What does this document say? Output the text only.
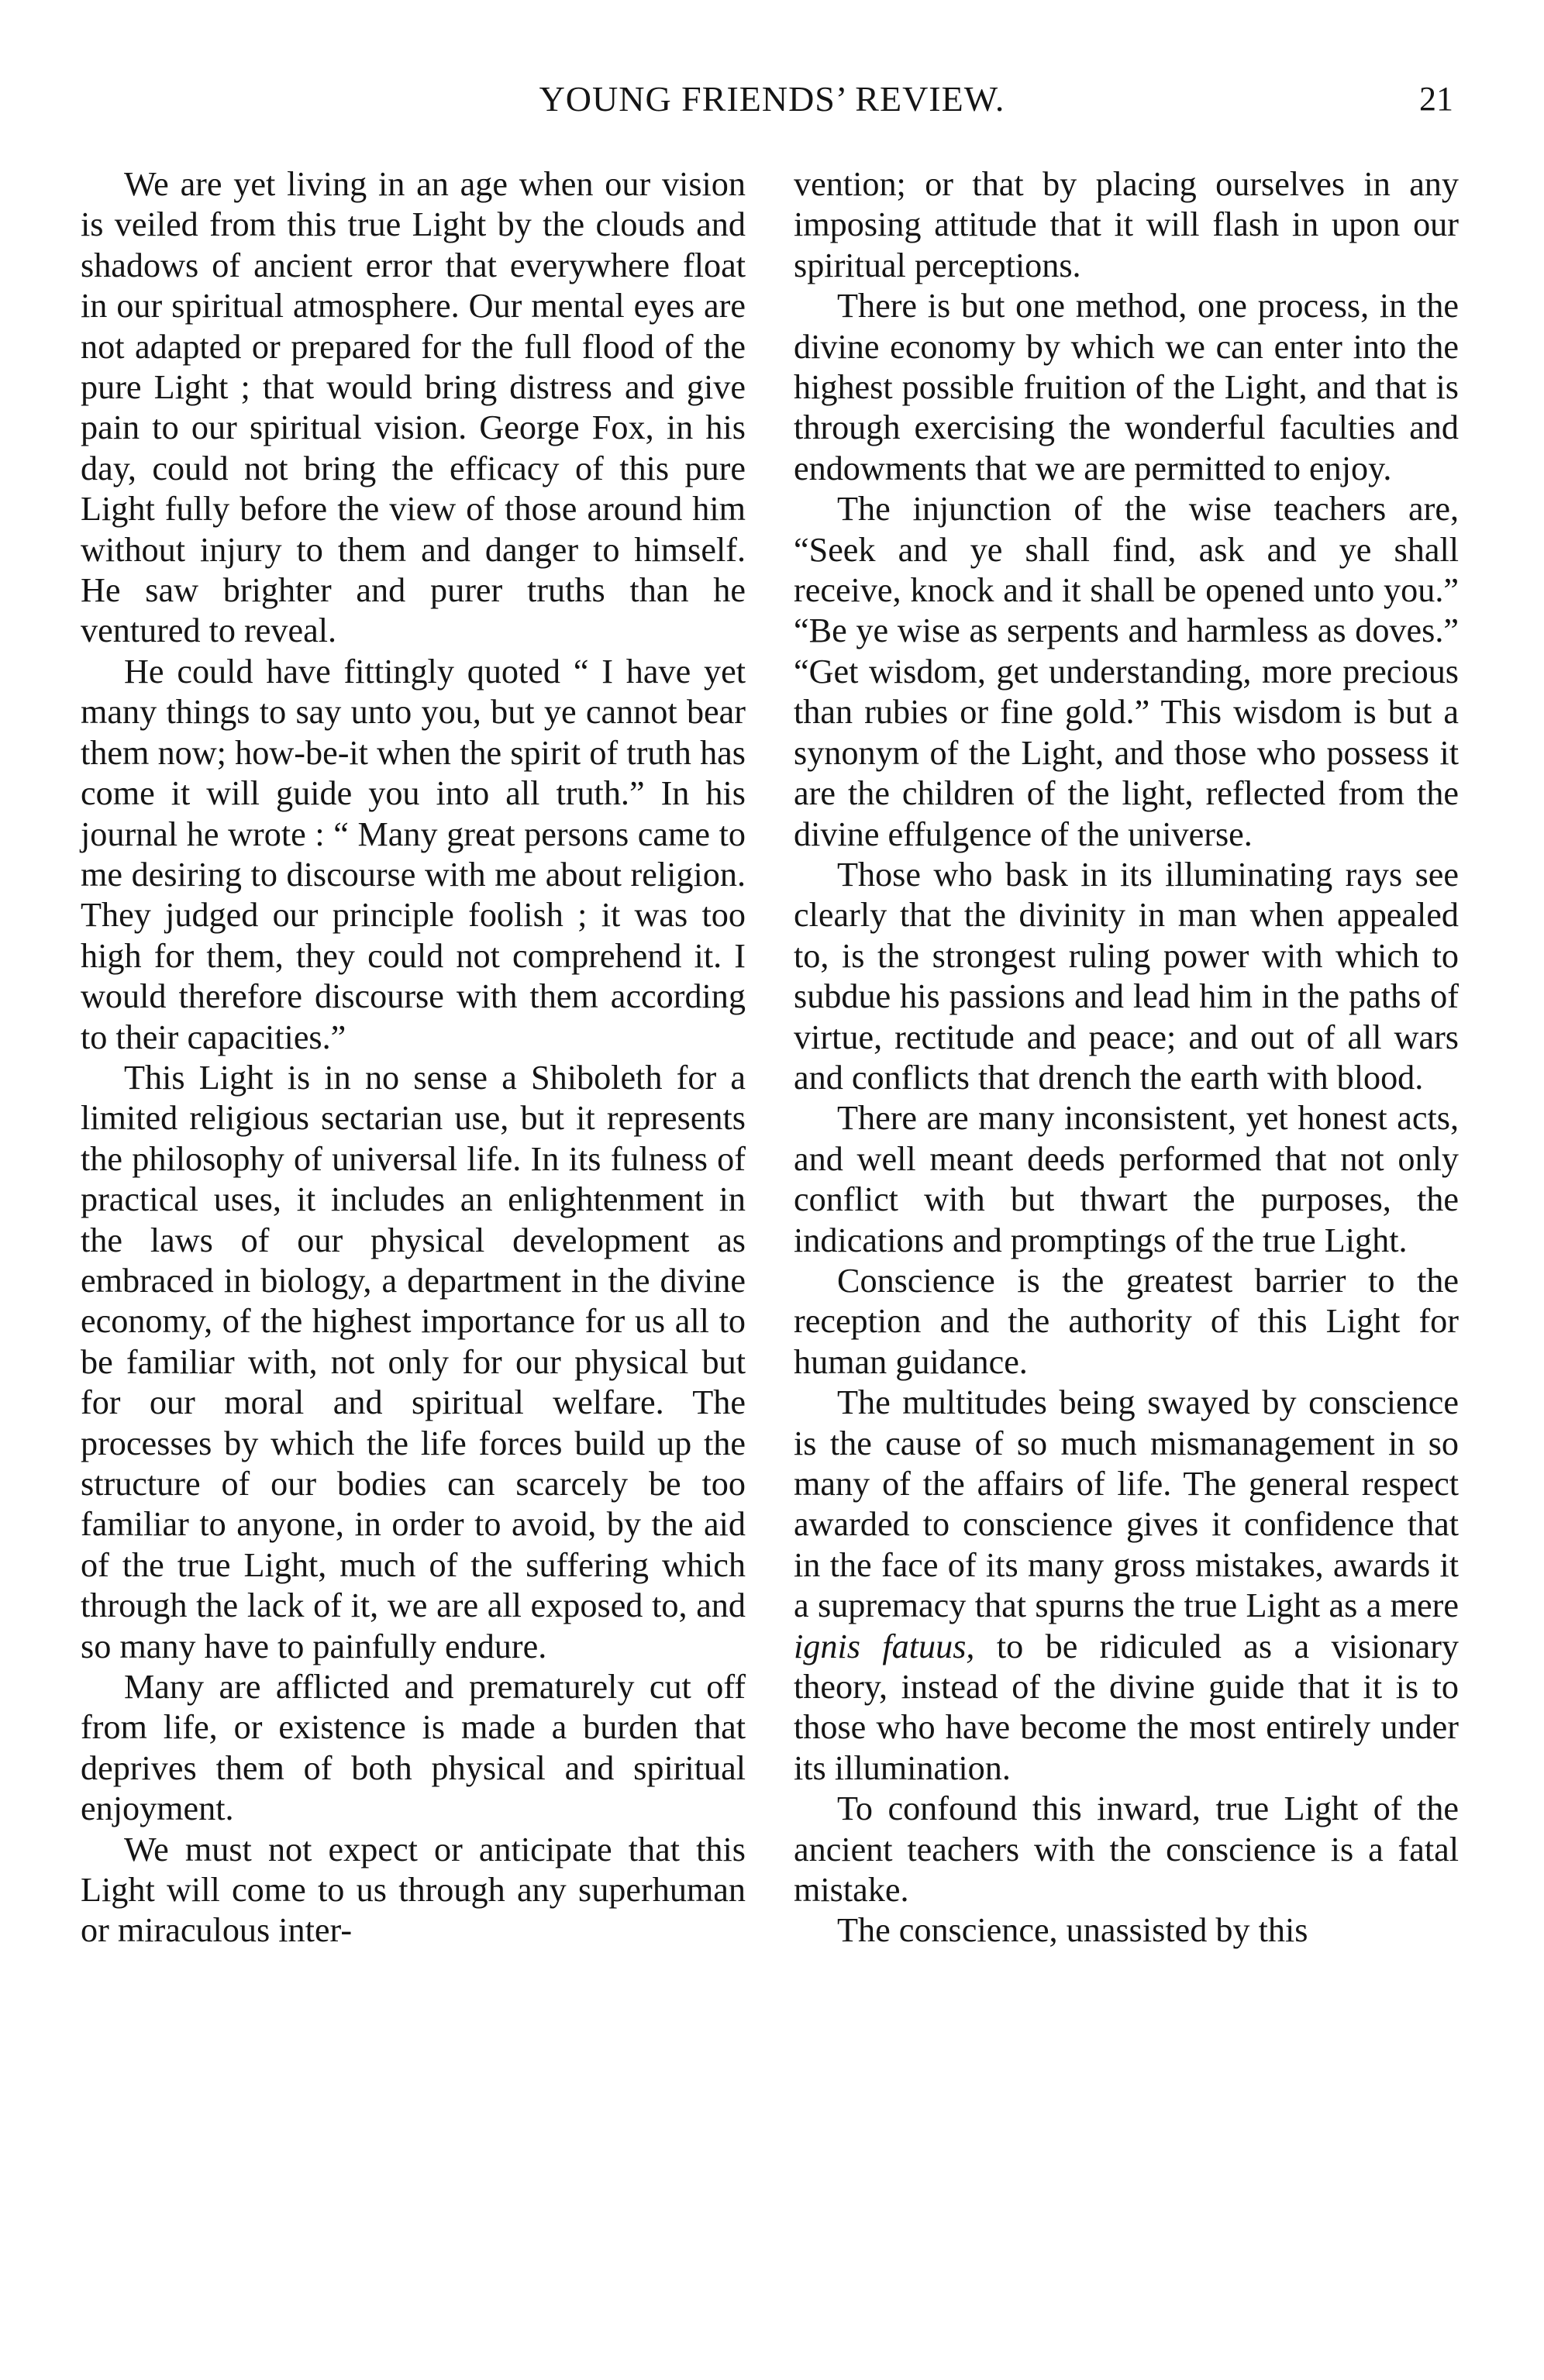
YOUNG FRIENDS’ REVIEW.	21

We are yet living in an age when our vision is veiled from this true Light by the clouds and shadows of ancient error that everywhere float in our spiritual atmosphere. Our mental eyes are not adapted or prepared for the full flood of the pure Light ; that would bring distress and give pain to our spiritual vision. George Fox, in his day, could not bring the efficacy of this pure Light fully before the view of those around him without injury to them and danger to himself. He saw brighter and purer truths than he ventured to reveal.

He could have fittingly quoted “ I have yet many things to say unto you, but ye cannot bear them now; how-be-it when the spirit of truth has come it will guide you into all truth.” In his journal he wrote : “ Many great persons came to me desiring to discourse with me about religion. They judged our principle foolish ; it was too high for them, they could not comprehend it. I would therefore discourse with them according to their capacities.”

This Light is in no sense a Shiboleth for a limited religious sectarian use, but it represents the philosophy of universal life. In its fulness of practical uses, it includes an enlightenment in the laws of our physical development as embraced in biology, a department in the divine economy, of the highest importance for us all to be familiar with, not only for our physical but for our moral and spiritual welfare. The processes by which the life forces build up the structure of our bodies can scarcely be too familiar to anyone, in order to avoid, by the aid of the true Light, much of the suffering which through the lack of it, we are all exposed to, and so many have to painfully endure.

Many are afflicted and prematurely cut off from life, or existence is made a burden that deprives them of both physical and spiritual enjoyment.

We must not expect or anticipate that this Light will come to us through any superhuman or miraculous inter-

vention; or that by placing ourselves in any imposing attitude that it will flash in upon our spiritual perceptions.

There is but one method, one process, in the divine economy by which we can enter into the highest possible fruition of the Light, and that is through exercising the wonderful faculties and endowments that we are permitted to enjoy.

The injunction of the wise teachers are, “Seek and ye shall find, ask and ye shall receive, knock and it shall be opened unto you.” “Be ye wise as serpents and harmless as doves.” “Get wisdom, get understanding, more precious than rubies or fine gold.” This wisdom is but a synonym of the Light, and those who possess it are the children of the light, reflected from the divine effulgence of the universe.

Those who bask in its illuminating rays see clearly that the divinity in man when appealed to, is the strongest ruling power with which to subdue his passions and lead him in the paths of virtue, rectitude and peace; and out of all wars and conflicts that drench the earth with blood.

There are many inconsistent, yet honest acts, and well meant deeds performed that not only conflict with but thwart the purposes, the indications and promptings of the true Light.

Conscience is the greatest barrier to the reception and the authority of this Light for human guidance.

The multitudes being swayed by conscience is the cause of so much mismanagement in so many of the affairs of life. The general respect awarded to conscience gives it confidence that in the face of its many gross mistakes, awards it a supremacy that spurns the true Light as a mere ignis fatuus, to be ridiculed as a visionary theory, instead of the divine guide that it is to those who have become the most entirely under its illumination.

To confound this inward, true Light of the ancient teachers with the conscience is a fatal mistake.

The conscience, unassisted by this
